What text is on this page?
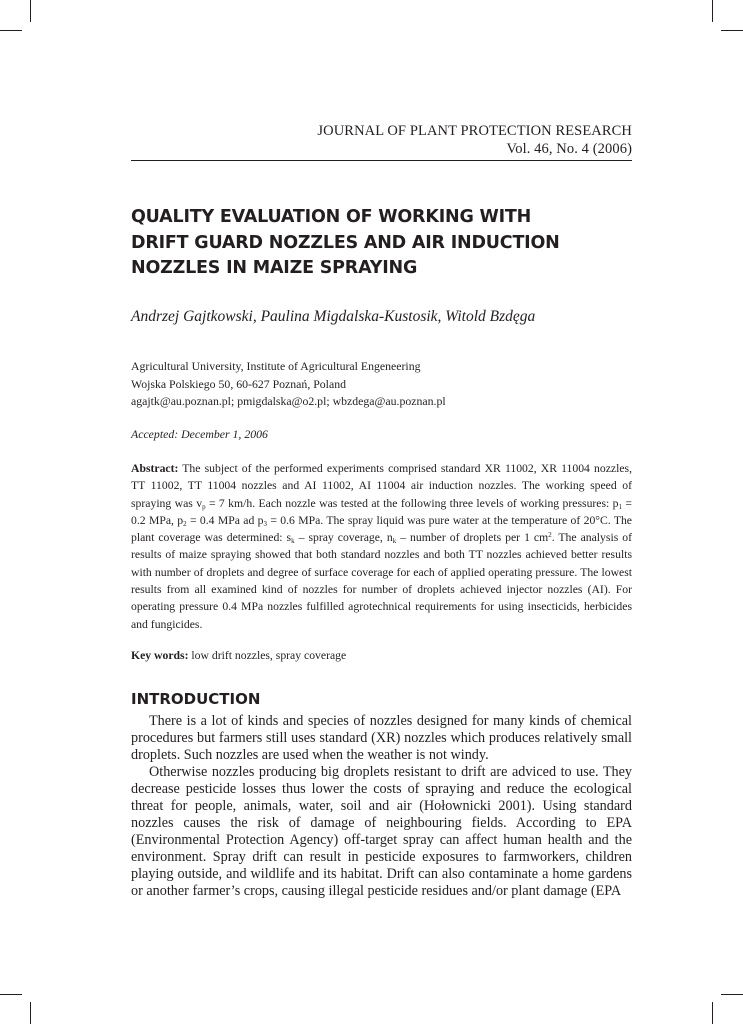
JOURNAL OF PLANT PROTECTION RESEARCH
Vol. 46, No. 4 (2006)
QUALITY EVALUATION OF WORKING WITH
DRIFT GUARD NOZZLES AND AIR INDUCTION
NOZZLES IN MAIZE SPRAYING
Andrzej Gajtkowski, Paulina Migdalska-Kustosik, Witold Bzdęga
Agricultural University, Institute of Agricultural Engeneering
Wojska Polskiego 50, 60-627 Poznań, Poland
agajtk@au.poznan.pl; pmigdalska@o2.pl; wbzdega@au.poznan.pl
Accepted: December 1, 2006

Abstract: The subject of the performed experiments comprised standard XR 11002, XR 11004 nozzles, TT 11002, TT 11004 nozzles and AI 11002, AI 11004 air induction nozzles. The working speed of spraying was $v_p = 7$ km/h. Each nozzle was tested at the following three levels of working pressures: $p_1 = 0.2$ MPa, $p_2 = 0.4$ MPa ad $p_3 = 0.6$ MPa. The spray liquid was pure water at the temperature of 20°C. The plant coverage was determined: $s_k$ – spray coverage, $n_k$ – number of droplets per 1 $cm^2$. The analysis of results of maize spraying showed that both standard nozzles and both TT nozzles achieved better results with number of droplets and degree of surface coverage for each of applied operating pressure. The lowest results from all examined kind of nozzles for number of droplets achieved injector nozzles (AI). For operating pressure 0.4 MPa nozzles fulfilled agrotechnical requirements for using insecticids, herbicides and fungicides.

Key words: low drift nozzles, spray coverage
INTRODUCTION

There is a lot of kinds and species of nozzles designed for many kinds of chemical procedures but farmers still uses standard (XR) nozzles which produces relatively small droplets. Such nozzles are used when the weather is not windy.

Otherwise nozzles producing big droplets resistant to drift are adviced to use. They decrease pesticide losses thus lower the costs of spraying and reduce the ecological threat for people, animals, water, soil and air (Hołownicki 2001). Using standard nozzles causes the risk of damage of neighbouring fields. According to EPA (Environmental Protection Agency) off-target spray can affect human health and the environment. Spray drift can result in pesticide exposures to farmworkers, children playing outside, and wildlife and its habitat. Drift can also contaminate a home gardens or another farmer’s crops, causing illegal pesticide residues and/or plant damage (EPA
